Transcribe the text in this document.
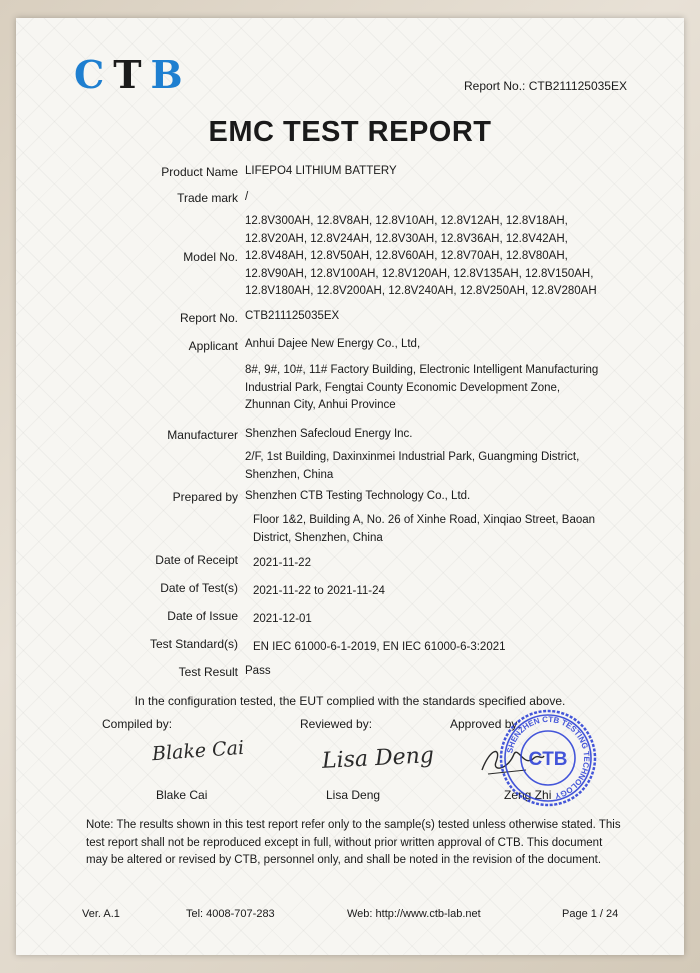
CTB	Report No.: CTB211125035EX
EMC TEST REPORT
Product Name LIFEPO4 LITHIUM BATTERY
Trade mark /
Model No.
12.8V300AH, 12.8V8AH, 12.8V10AH, 12.8V12AH, 12.8V18AH,
12.8V20AH, 12.8V24AH, 12.8V30AH, 12.8V36AH, 12.8V42AH,
12.8V48AH, 12.8V50AH, 12.8V60AH, 12.8V70AH, 12.8V80AH,
12.8V90AH, 12.8V100AH, 12.8V120AH, 12.8V135AH, 12.8V150AH,
12.8V180AH, 12.8V200AH, 12.8V240AH, 12.8V250AH, 12.8V280AH
Report No. CTB211125035EX
Applicant Anhui Dajee New Energy Co., Ltd,
8#, 9#, 10#, 11# Factory Building, Electronic Intelligent Manufacturing
Industrial Park, Fengtai County Economic Development Zone,
Zhunnan City, Anhui Province
Manufacturer Shenzhen Safecloud Energy Inc.
2/F, 1st Building, Daxinxinmei Industrial Park, Guangming District,
Shenzhen, China
Prepared by Shenzhen CTB Testing Technology Co., Ltd.
Floor 1&2, Building A, No. 26 of Xinhe Road, Xinqiao Street, Baoan
District, Shenzhen, China
Date of Receipt 2021-11-22
Date of Test(s) 2021-11-22 to 2021-11-24
Date of Issue 2021-12-01
Test Standard(s) EN IEC 61000-6-1-2019, EN IEC 61000-6-3:2021
Test Result Pass
In the configuration tested, the EUT complied with the standards specified above.
Compiled by:	Reviewed by:	Approved by:
Blake Cai	Lisa Deng
Blake Cai	Lisa Deng	Zeng Zhi
SHENZHEN CTB TESTING TECHNOLOGY
CTB
Note: The results shown in this test report refer only to the sample(s) tested unless otherwise stated. This test report shall not be reproduced except in full, without prior written approval of CTB. This document may be altered or revised by CTB, personnel only, and shall be noted in the revision of the document.
Ver. A.1	Tel: 4008-707-283	Web: http://www.ctb-lab.net	Page 1 / 24
